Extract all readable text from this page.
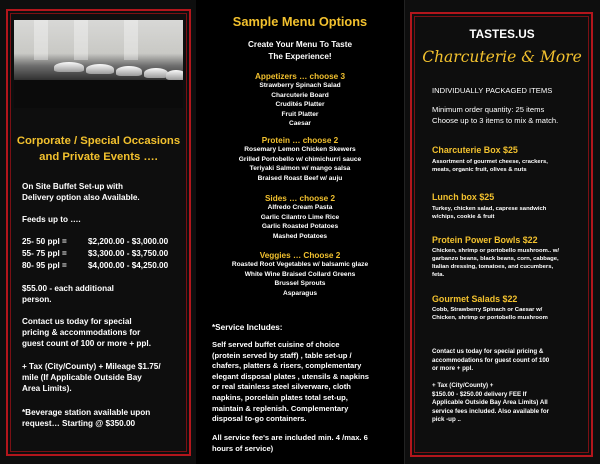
Corporate / Special Occasions
and Private Events ….
On Site Buffet Set-up with
Delivery option also Available.
Feeds up to ….
25- 50 ppl =	$2,200.00 - $3,000.00
55- 75 ppl =	$3,300.00 - $3,750.00
80- 95 ppl =	$4,000.00 - $4,250.00
$55.00 - each additional
person.
Contact us today for special
pricing & accommodations for
guest count of 100 or more + ppl.
+ Tax (City/County) + Mileage $1.75/
mile (If Applicable Outside Bay
Area Limits).
*Beverage station available upon
request… Starting @ $350.00
Sample Menu Options
Create Your Menu To Taste
The Experience!
Appetizers … choose 3
Strawberry Spinach Salad
Charcuterie Board
Crudités Platter
Fruit Platter
Caesar
Protein … choose 2
Rosemary Lemon Chicken Skewers
Grilled Portobello w/ chimichurri sauce
Teriyaki Salmon w/ mango salsa
Braised Roast Beef w/ auju
Sides … choose 2
Alfredo Cream Pasta
Garlic Cilantro Lime Rice
Garlic Roasted Potatoes
Mashed Potatoes
Veggies … Choose 2
Roasted Root Vegetables w/ balsamic glaze
White Wine Braised Collard Greens
Brussel Sprouts
Asparagus
*Service Includes:
Self served buffet cuisine of choice
(protein served by staff) , table set-up /
chafers, platters & risers, complementary
elegant disposal plates , utensils & napkins
or real stainless steel silverware, cloth
napkins, porcelain plates total set-up,
maintain & replenish. Complementary
disposal to-go containers.
All service fee's are included min. 4 /max. 6
hours of service)
TASTES.US
Charcuterie & More
INDIVIDUALLY PACKAGED ITEMS
Minimum order quantity: 25 items
Choose up to 3 items to mix & match.
Charcuterie Box $25
Assortment of gourmet cheese, crackers,
meats, organic fruit, olives & nuts
Lunch box $25
Turkey, chicken salad, caprese sandwich
w/chips, cookie & fruit
Protein Power Bowls $22
Chicken, shrimp or portobello mushroom.. w/
garbanzo beans, black beans, corn, cabbage,
Italian dressing, tomatoes, and cucumbers,
feta.
Gourmet Salads $22
Cobb, Strawberry Spinach or Caesar w/
Chicken, shrimp or portobello mushroom
Contact us today for special pricing &
accommodations for guest count of 100
or more + ppl.
+ Tax (City/County) +
$150.00 - $250.00 delivery FEE If
Applicable Outside Bay Area Limits) All
service fees included. Also available for
pick -up ..
